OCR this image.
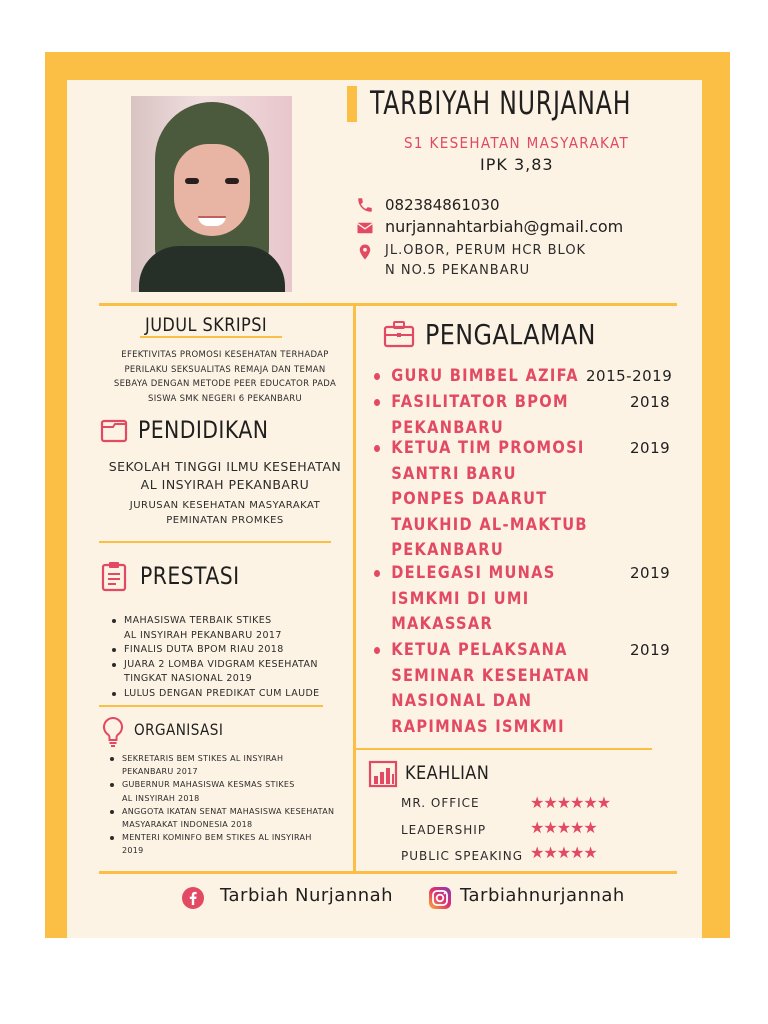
TARBIYAH NURJANAH
S1 KESEHATAN MASYARAKAT
IPK 3,83
082384861030
nurjannahtarbiah@gmail.com
JL.OBOR, PERUM HCR BLOK
N NO.5 PEKANBARU
JUDUL SKRIPSI
EFEKTIVITAS PROMOSI KESEHATAN TERHADAP
PERILAKU SEKSUALITAS REMAJA DAN TEMAN
SEBAYA DENGAN METODE PEER EDUCATOR PADA
SISWA SMK NEGERI 6 PEKANBARU
PENDIDIKAN
SEKOLAH TINGGI ILMU KESEHATAN
AL INSYIRAH PEKANBARU
JURUSAN KESEHATAN MASYARAKAT
PEMINATAN PROMKES
PRESTASI
MAHASISWA TERBAIK STIKES
AL INSYIRAH PEKANBARU 2017
FINALIS DUTA BPOM RIAU 2018
JUARA 2 LOMBA VIDGRAM KESEHATAN
TINGKAT NASIONAL 2019
LULUS DENGAN PREDIKAT CUM LAUDE
ORGANISASI
SEKRETARIS BEM STIKES AL INSYIRAH
PEKANBARU 2017
GUBERNUR MAHASISWA KESMAS STIKES
AL INSYIRAH 2018
ANGGOTA IKATAN SENAT MAHASISWA KESEHATAN
MASYARAKAT INDONESIA 2018
MENTERI KOMINFO BEM STIKES AL INSYIRAH
2019
PENGALAMAN
GURU BIMBEL AZIFA 2015-2019
FASILITATOR BPOM
PEKANBARU
2018
KETUA TIM PROMOSI
SANTRI BARU
PONPES DAARUT
TAUKHID AL-MAKTUB
PEKANBARU
2019
DELEGASI MUNAS
ISMKMI DI UMI
MAKASSAR
2019
KETUA PELAKSANA
SEMINAR KESEHATAN
NASIONAL DAN
RAPIMNAS ISMKMI
2019
KEAHLIAN
MR. OFFICE	★★★★★★
LEADERSHIP	★★★★★
PUBLIC SPEAKING ★★★★★
Tarbiah Nurjannah	Tarbiahnurjannah
